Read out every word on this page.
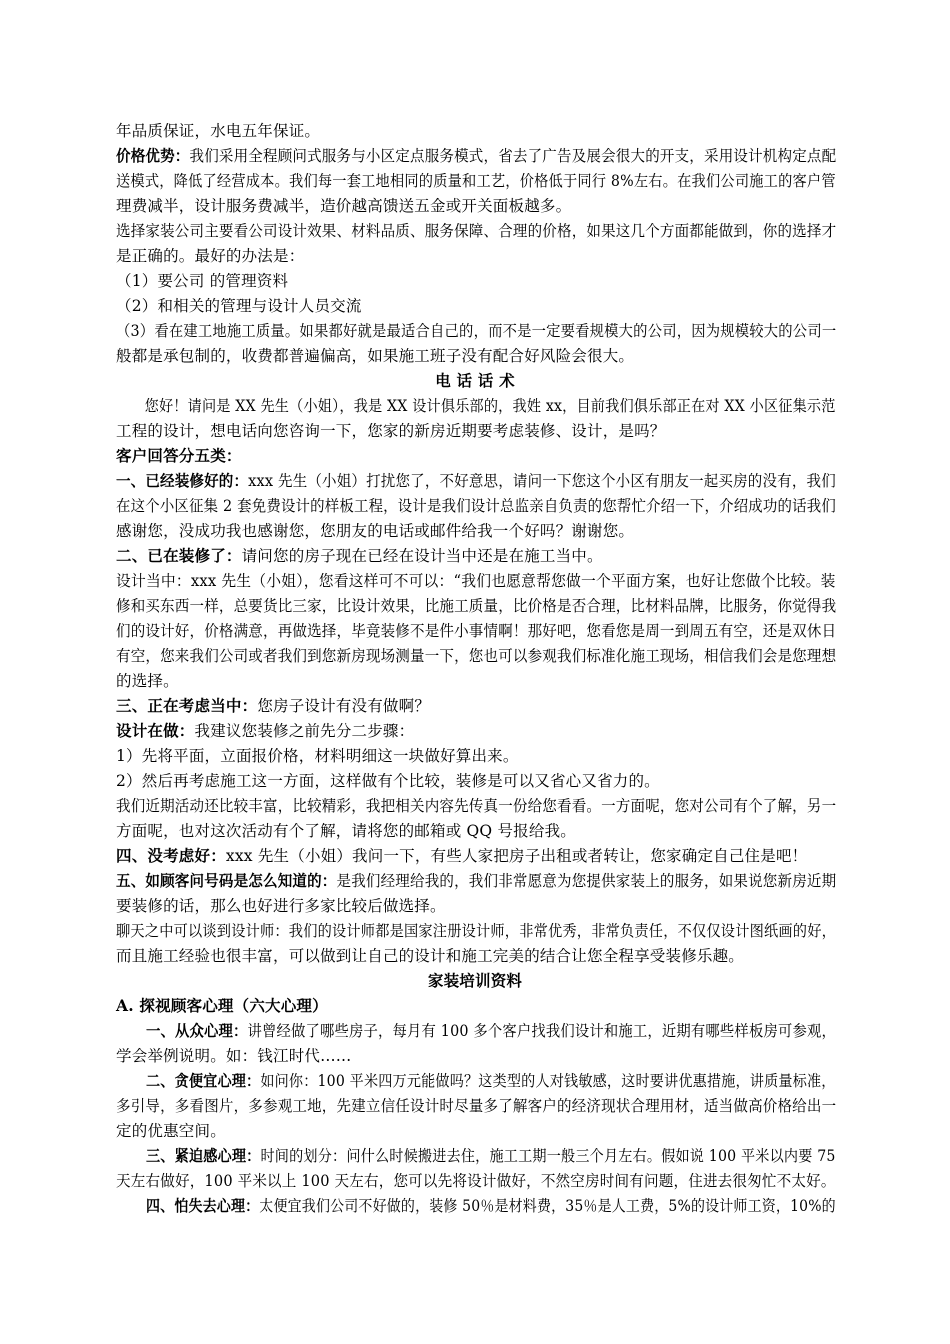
年品质保证，水电五年保证。
价格优势：我们采用全程顾问式服务与小区定点服务模式，省去了广告及展会很大的开支，采用设计机构定点配
送模式，降低了经营成本。我们每一套工地相同的质量和工艺，价格低于同行 8%左右。在我们公司施工的客户管
理费减半，设计服务费减半，造价越高馈送五金或开关面板越多。
选择家装公司主要看公司设计效果、材料品质、服务保障、合理的价格，如果这几个方面都能做到，你的选择才
是正确的。最好的办法是：
（1）要公司 的管理资料
（2）和相关的管理与设计人员交流
（3）看在建工地施工质量。如果都好就是最适合自己的，而不是一定要看规模大的公司，因为规模较大的公司一
般都是承包制的，收费都普遍偏高，如果施工班子没有配合好风险会很大。
电 话 话 术
　　您好！请问是 XX 先生（小姐），我是 XX 设计俱乐部的，我姓 xx，目前我们俱乐部正在对 XX 小区征集示范
工程的设计，想电话向您咨询一下，您家的新房近期要考虑装修、设计，是吗？
客户回答分五类：
一、已经装修好的：xxx 先生（小姐）打扰您了，不好意思，请问一下您这个小区有朋友一起买房的没有，我们
在这个小区征集 2 套免费设计的样板工程，设计是我们设计总监亲自负责的您帮忙介绍一下，介绍成功的话我们
感谢您，没成功我也感谢您，您朋友的电话或邮件给我一个好吗？谢谢您。
二、已在装修了：请问您的房子现在已经在设计当中还是在施工当中。
设计当中：xxx 先生（小姐），您看这样可不可以：“我们也愿意帮您做一个平面方案，也好让您做个比较。装
修和买东西一样，总要货比三家，比设计效果，比施工质量，比价格是否合理，比材料品牌，比服务，你觉得我
们的设计好，价格满意，再做选择，毕竟装修不是件小事情啊！那好吧，您看您是周一到周五有空，还是双休日
有空，您来我们公司或者我们到您新房现场测量一下，您也可以参观我们标准化施工现场，相信我们会是您理想
的选择。
三、正在考虑当中：您房子设计有没有做啊？
设计在做：我建议您装修之前先分二步骤：
1）先将平面，立面报价格，材料明细这一块做好算出来。
2）然后再考虑施工这一方面，这样做有个比较，装修是可以又省心又省力的。
我们近期活动还比较丰富，比较精彩，我把相关内容先传真一份给您看看。一方面呢，您对公司有个了解，另一
方面呢，也对这次活动有个了解，请将您的邮箱或 QQ 号报给我。
四、没考虑好：xxx 先生（小姐）我问一下，有些人家把房子出租或者转让，您家确定自己住是吧！
五、如顾客问号码是怎么知道的：是我们经理给我的，我们非常愿意为您提供家装上的服务，如果说您新房近期
要装修的话，那么也好进行多家比较后做选择。
聊天之中可以谈到设计师：我们的设计师都是国家注册设计师，非常优秀，非常负责任，不仅仅设计图纸画的好，
而且施工经验也很丰富，可以做到让自己的设计和施工完美的结合让您全程享受装修乐趣。
家装培训资料
A. 探视顾客心理（六大心理）
一、从众心理：讲曾经做了哪些房子，每月有 100 多个客户找我们设计和施工，近期有哪些样板房可参观，
学会举例说明。如：钱江时代……
二、贪便宜心理：如问你：100 平米四万元能做吗？这类型的人对钱敏感，这时要讲优惠措施，讲质量标准，
多引导，多看图片，多参观工地，先建立信任设计时尽量多了解客户的经济现状合理用材，适当做高价格给出一
定的优惠空间。
三、紧迫感心理：时间的划分：问什么时候搬进去住，施工工期一般三个月左右。假如说 100 平米以内要 75
天左右做好，100 平米以上 100 天左右，您可以先将设计做好，不然空房时间有问题，住进去很匆忙不太好。
四、怕失去心理：太便宜我们公司不好做的，装修 50％是材料费，35％是人工费，5%的设计师工资，10%的
